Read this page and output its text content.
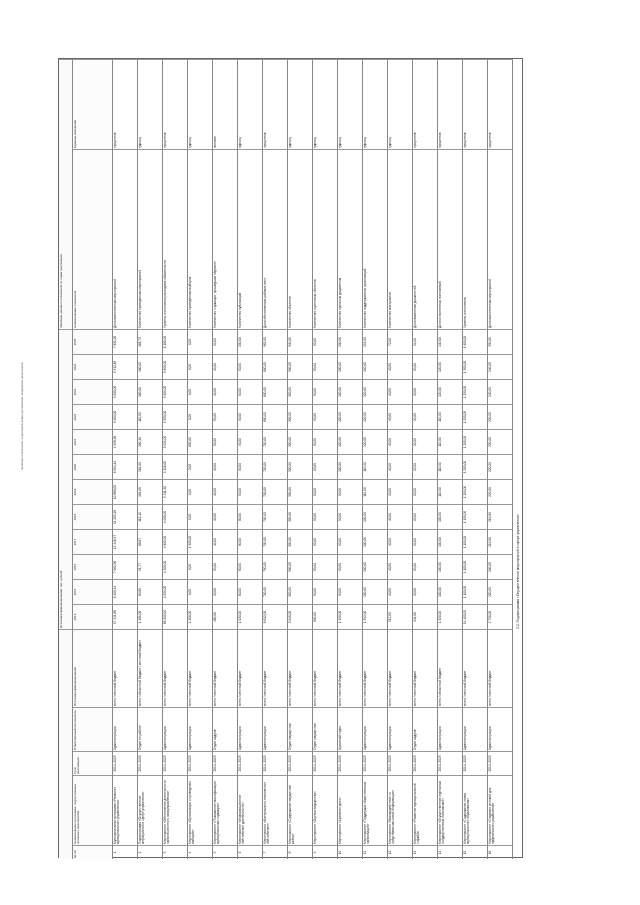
Источники финансирования, тыс. рублей
Значение целевого показателя по годам реализации
№ п/п
Наименование программы, подпрограммы, основного мероприятия
Срок реализации
Ответственный исполнитель
Источники финансирования
2014
2015
2016
2017
2018
2019
2020
2021
2022
2023
2024
2025
Наименование показателя
Единица измерения
1
Муниципальная программа «Развитие муниципального управления»
2014–2025
Администрация
всего / местный бюджет
97 241,86
6 900,44
7 062,56
12 448,47
11 203,18
10 880,00
6 004,14
4 998,96
9 000,00
9 000,00
5 912,85
7 831,26
Доля выполненных мероприятий
процентов
2
Подпрограмма «Осуществление мероприятий в сфере управления»
2014–2025
Отдел по работе
всего / областной бюджет / местный бюджет
1 481,06
83,80
91,77
88,67
112,10
164,00
164,00
180,10
110,00
160,00
160,00
166,73
Количество проведенных мероприятий
единиц
3
Мероприятие «Обеспечение деятельности органов местного самоуправления»
2014–2025
Администрация
всего / местный бюджет
66 000,00
4 000,00
4 200,00
4 800,00
4 000,00
5 211,30
5 116,00
5 021,00
5 500,00
5 600,00
5 600,00
6 180,00
Уровень исполнения расходных обязательств
процентов
4
Мероприятие «Организация и проведение выборов»
2014–2025
Администрация
всего / местный бюджет
2 100,00
0,00
0,00
1 500,00
0,00
0,00
0,00
600,00
0,00
0,00
0,00
0,00
Количество проведенных выборов
единиц
5
Мероприятие «Повышение квалификации муниципальных служащих»
2014–2025
Отдел кадров
всего / местный бюджет
480,00
20,00
30,00
40,00
40,00
40,00
40,00
50,00
50,00
40,00
40,00
90,00
Количество служащих, прошедших обучение
человек
6
Мероприятие «Информационное обеспечение деятельности»
2014–2025
Администрация
всего / местный бюджет
1 020,00
60,00
60,00
80,00
80,00
90,00
90,00
90,00
90,00
90,00
90,00
200,00
Количество публикаций
единиц
7
Мероприятие «Материально-техническое обеспечение»
2014–2025
Администрация
всего / местный бюджет
8 812,00
700,00
750,00
700,00
700,00
700,00
700,00
700,00
800,00
800,00
800,00
962,00
Доля обеспеченных рабочих мест
процентов
8
Мероприятие «Содержание имущества казны»
2014–2025
Отдел имущества
всего / местный бюджет
3 640,00
300,00
300,00
300,00
300,00
300,00
300,00
300,00
300,00
300,00
300,00
340,00
Количество объектов
единиц
9
Мероприятие «Оценка имущества»
2014–2025
Отдел имущества
всего / местный бюджет
600,00
50,00
50,00
50,00
50,00
50,00
50,00
50,00
50,00
50,00
50,00
50,00
Количество оцененных объектов
единиц
10
Мероприятие «Архивное дело»
2014–2025
Архивный отдел
всего / местный бюджет
1 150,00
90,00
90,00
90,00
90,00
90,00
100,00
100,00
100,00
100,00
100,00
200,00
Количество принятых документов
единиц
11
Мероприятие «Поддержка общественных организаций»
2014–2025
Администрация
всего / местный бюджет
1 392,00
100,00
100,00
100,00
100,00
110,00
110,00
120,00
120,00
120,00
120,00
192,00
Количество поддержанных организаций
единиц
12
Мероприятие «Взаимодействие со средствами массовой информации»
2014–2025
Администрация
всего / местный бюджет
512,00
40,00
40,00
40,00
40,00
40,00
40,00
40,00
40,00
40,00
40,00
72,00
Количество материалов
единиц
13
Мероприятие «Развитие муниципальной службы»
2014–2025
Отдел кадров
всего / местный бюджет
244,00
20,00
20,00
20,00
20,00
20,00
20,00
20,00
20,00
20,00
20,00
24,00
Доля вакантных должностей
процентов
14
Мероприятие «Осуществление отдельных государственных полномочий»
2014–2025
Администрация
всего / областной бюджет
1 320,00
100,00
100,00
100,00
100,00
110,00
110,00
110,00
110,00
120,00
120,00
140,00
Доля исполненных полномочий
процентов
15
Мероприятие «Содержание главы муниципального образования»
2014–2025
Администрация
всего / местный бюджет
14 400,00
1 100,00
1 100,00
1 100,00
1 150,00
1 150,00
1 200,00
1 200,00
1 250,00
1 250,00
1 300,00
1 600,00
Уровень исполнения
процентов
16
Мероприятие «Создание условий для эффективного управления»
2014–2025
Администрация
всего / местный бюджет
2 730,00
200,00
200,00
210,00
210,00
220,00
220,00
230,00
230,00
240,00
240,00
330,00
Доля выполненных мероприятий
процентов
3.2. Подпрограмма «Осуществление мероприятий в сфере управления»
Целевые показатели, характеризующие достижение ожидаемых результатов
